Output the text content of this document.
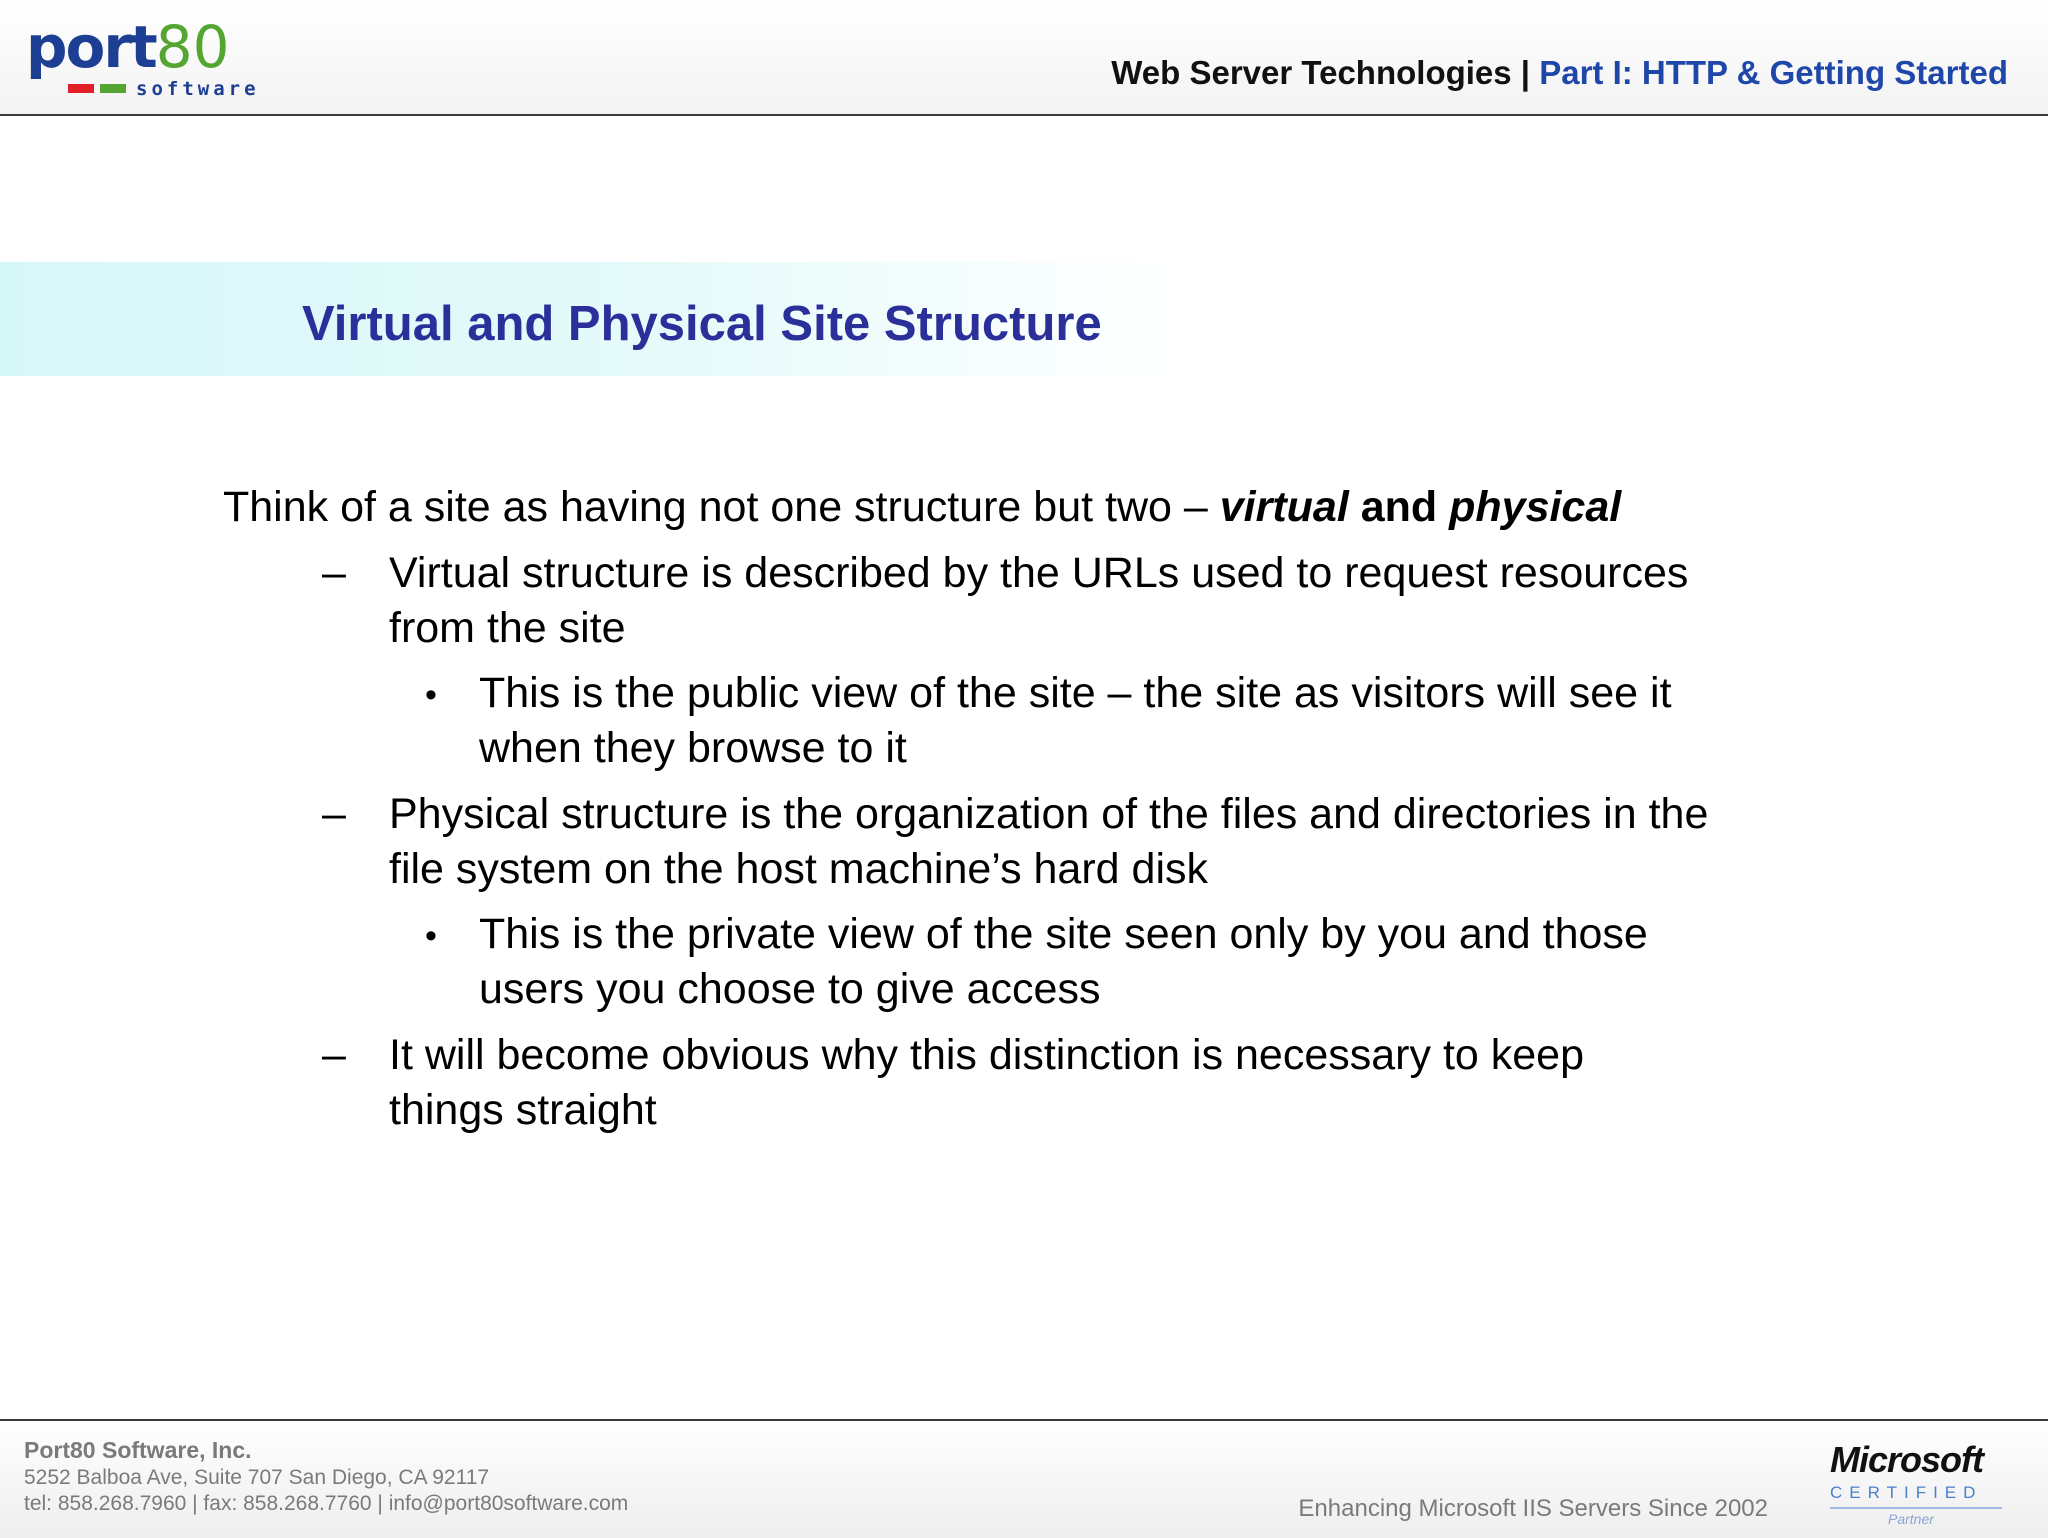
port80
software	Web Server Technologies | Part I: HTTP & Getting Started
Virtual and Physical Site Structure
Think of a site as having not one structure but two – virtual and physical
– Virtual structure is described by the URLs used to request resources
from the site
• This is the public view of the site – the site as visitors will see it
when they browse to it
– Physical structure is the organization of the files and directories in the
file system on the host machine’s hard disk
• This is the private view of the site seen only by you and those
users you choose to give access
– It will become obvious why this distinction is necessary to keep
things straight
Port80 Software, Inc.
5252 Balboa Ave, Suite 707 San Diego, CA 92117
tel: 858.268.7960 | fax: 858.268.7760 | info@port80software.com	Enhancing Microsoft IIS Servers Since 2002
Microsoft
CERTIFIED
Partner
